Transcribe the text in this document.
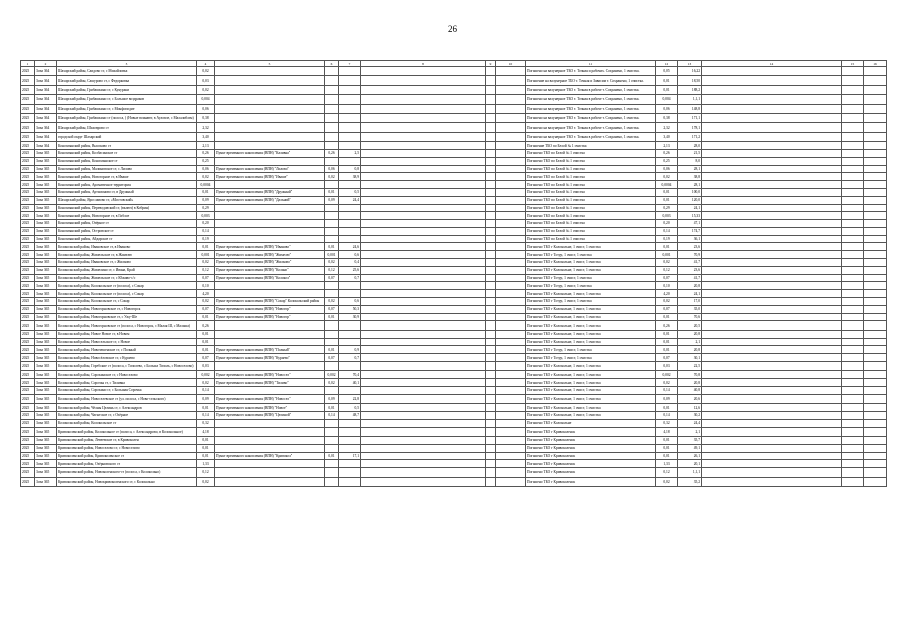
26
1	2	3	4	5	6	7	8	9	10	11	12	13	14	15	16
2025	3ona 364	Шахарский район, Саидово ст, с Михайловка	0,02							Погашено на валунерное ТБО т. Точная и рабочих. Сохранено, 1 очистка.	0,05	16,22			
2025	3ona 364	Шахарский район, Сашурово ст, с Федорковка	0,03							Погашение на валунерное ТБО т. Точная и Зависим т. Сохранено, 1 очистка.	0,01	18,50			
2025	3ona 364	Шахарский район, Грибашкино ст, с Кукураки	0,02							Погашено на валунерное ТБО т. Точная в рабоче т. Сохранено, 1 очистка.	0,01	188,2			
2025	3ona 364	Шахарский район, Грибашкино ст, с Большое воздраков	0,004							Погашено на валунерное ТБО т. Точная в рабоче т. Сохранено, 1 очистка.	0,004	1,1,1			
2025	3ona 364	Шахарский район, Грибашкино ст, с Монфоподие	0,06							Погашено на валунерное ТБО т. Точная в рабоче т. Сохранено, 1 очистка.	0,06	148,8			
2025	3ona 364	Шахарский район, Грибашкино ст (полоса, ) (Новые воинают, в Ауловле, с Малалиблен)	0,38							Погашено на валунерное ТБО т. Точная в рабоче т. Сохранено, 1 очистка.	0,38	171,1			
2025	3ona 364	Шахарский район, Шаховрово ст	2,32							Погашено на валунерное ТБО т. Точная в рабоче т. Сохранено, 1 очистка.	2,32	178,1			
2025	3ona 364	городской округ Шахарский	3,40							Погашено на валунерное ТБО т. Точная в рабоче т. Сохранено, 1 очистка.	3,40	171,2			
2025	3ona 364	Коноплянский район, Высоково ст	2,13							Погашение ТБО по Белой № 1 очистка	2,13	28,0			
2025	3ona 365	Коноплянский район, Колбасинское ст	0,26	Пункт временного накопления (ВПН) "Каливка"	0,26	2,5				Погашено ТБО по Белой № 1 очистка	0,26	21,5			
2025	3ona 365	Коноплянский район, Коноплянское ст	0,25							Погашено ТБО по Белой № 1 очистка	0,25	8,0			
2025	3ona 365	Коноплянский район, Малиновское ст, с Лилово	0,06	Пункт временного накопления (ВПН) "Лилово"	0,06	0,8				Погашено ТБО по Белой № 1 очистка	0,06	28,1			
2025	3ona 365	Коноплянский район, Новогорное ст, в Иваше	0,02	Пункт временного накопления (ВПН) "Иваше"	0,02	38,9				Погашено ТБО по Белой № 1 очистка	0,02	38,8			
2025	3ona 365	Коноплянский район, Ароматичное территория	0,0004							Погашено ТБО по Белой № 1 очистка	0,0004	28,1			
2025	3ona 365	Коноплянский район, Артамоново ст, в Дружный	0,01	Пункт временного накопления (ВПН) "Дружный"	0,01	0,5				Погашено ТБО по Белой № 1 очистка	0,01	100,0			
2025	3ona 365	Шахарский район, Ярославово ст, «Мостовский»	0,09	Пункт временного накопления (ВПН) "Дальний"	0,09	24,4				Погашено ТБО по Белой № 1 очистка	0,01	120,0			
2025	3ona 365	Коноплянский район, Переводовский ст, (включ) в Кобрин)	0,29							Погашено ТБО по Белой № 1 очистка	0,29	24,1			
2025	3ona 365	Коноплянский район, Новогорное ст, в Гиблое	0,003							Погашено ТБО по Белой № 1 очистка	0,003	15,33			
2025	3ona 365	Коноплянский район, Озёрное ст	0,20							Погашено ТБО по Белой № 1 очистка	0,20	47,1			
2025	3ona 365	Коноплянский район, Островское ст	0,14							Погашено ТБО по Белой № 1 очистка	0,14	174,7			
2025	3ona 365	Коноплянский район, Айдарское ст	0,19							Погашено ТБО по Белой № 1 очистка	0,19	36,1			
2025	3ona 365	Колокольский район, Ивановское ст, в Иваново	0,01	Пункт временного накопления (ВПН) "Иваново"	0,01	24,6				Погашено ТБО г Колокольне, 1 очист, 1 очистка	0,01	23,6			
2025	3ona 365	Колокольский район, Жимельское ст, в Жимелю	0,001	Пункт временного накопления (ВПН) "Жимелю"	0,001	0,6				Погашено ТБО г Тотур, 1 очист, 1 очистка	0,001	70,9			
2025	3ona 365	Колокольский район, Ивановское ст, с Жилково	0,02	Пункт временного накопления (ВПН) "Жилково"	0,02	0,4				Погашено ТБО г Колокольне, 1 очист, 1 очистка	0,02	41,7			
2025	3ona 365	Колокольский район, Жимелино ст, с Ивана, Край	0,12	Пункт временного накопления (ВПН) "Колано"	0,12	25,6				Погашено ТБО г Колокольне, 1 очист, 1 очистка	0,12	23,6			
2025	3ona 365	Колокольский район, Жимельское ст, с Юживо-с/с	0,07	Пункт временного накопления (ВПН) "Колокол"	0,07	0,7				Погашено ТБО г Тотур, 1 очист, 1 очистка	0,07	41,7			
2025	3ona 365	Колокольский район, Колокольское ст (полоса), с Сокар	0,10							Погашено ТБО г Тотур, 1 очист, 1 очистка	0,10	20,8			
2025	3ona 365	Колокольский район, Колокольское ст (полоса), с Сокар	4,20							Погашено ТБО г Колокольне, 1 очист, 1 очистка	4,20	24,1			
2025	3ona 365	Колокольский район, Колокольское ст, с Сокар	0,02	Пункт временного накопления (ВПН) "Сокар" Колокольский район	0,02	0,6				Погашено ТБО г Тотур, 1 очист, 1 очистка	0,02	17,0			
2025	3ona 365	Колокольский район, Новогорновское ст, с Новогорск	0,07	Пункт временного накопления (ВПН) "Новогор"	0,07	50,3				Погашено ТБО г Колокольне, 1 очист, 1 очистка	0,07	35,0			
2025	3ona 365	Колокольский район, Новогорновское ст, с Ужу-Ше	0,01	Пункт временного накопления (ВПН) "Новогор"	0,01	30,9				Погашено ТБО г Колокольне, 1 очист, 1 очистка	0,01	70,6			
2025	3ona 365	Колокольский район, Новогорновское ст (полоса, с Новогорск, с Малая Ш, с Малаша)	0,26							Погашено ТБО г Колокольне, 1 очист, 1 очистка	0,26	20,5			
2025	3ona 365	Колокольский район, Новое Новое ст, в Новом	0,01							Погашено ТБО г Колокольне, 1 очист, 1 очистка	0,01	20,8			
2025	3ona 365	Колокольский район, Новосельское ст, с Новое	0,01							Погашено ТБО г Колокольне, 1 очист, 1 очистка	0,01	2,1			
2025	3ona 365	Колокольский район, Новочешенское ст, с Полный	0,01	Пункт временного накопления (ВПН) "Полный"	0,01	0,9				Погашено ТБО г Тотур, 1 очист, 1 очистка	0,01	20,8			
2025	3ona 365	Колокольский район, Новосёловское ст, с Кураево	0,07	Пункт временного накопления (ВПН) "Кураево"	0,07	0,7				Погашено ТБО г Тотур, 1 очист, 1 очистка	0,07	30,1			
2025	3ona 365	Колокольский район, Горебские ст (полоса, с Тополево, с Больша Тополь, с Новоселово)	0,03							Погашено ТБО г Колокольне, 1 очист, 1 очистка	0,03	22,5			
2025	3ona 365	Колокольский район, Сорокинское ст, с Новоселово	0,002	Пункт временного накопления (ВПН) "Новосел"	0,002	70,4				Погашено ТБО г Колокольне, 1 очист, 1 очистка	0,002	70,8			
2025	3ona 365	Колокольский район, Сорочья ст, с Тиливка	0,02	Пункт временного накопления (ВПН) "Тиливо"	0,02	40,1				Погашено ТБО г Колокольне, 1 очист, 1 очистка	0,02	20,8			
2025	3ona 365	Колокольский район, Сорокино ст, с Большая Сорочка	0,14							Погашено ТБО г Колокольне, 1 очист, 1 очистка	0,14	40,8			
2025	3ona 365	Колокольский район, Новоселевское ст (ул. полоса, с Ново-сельского)	0,09	Пункт временного накопления (ВПН) "Новосел"	0,09	22,8				Погашено ТБО г Колокольне, 1 очист, 1 очистка	0,09	20,6			
2025	3ona 365	Колокольский район, Чёлны Целинь ст, с Александров	0,01	Пункт временного накопления (ВПН) "Новое"	0,01	0,5				Погашено ТБО г Колокольне, 1 очист, 1 очистка	0,01	12,6			
2025	3ona 365	Колокольский район, Чагытское ст, с Озёрное	0,14	Пункт временного накопления (ВПН) "Целиной"	0,14	48,7				Погашено ТБО г Колокольне, 1 очист, 1 очистка	0,14	30,2			
2025	3ona 365	Колокольский район, Колокольское ст	0,32							Погашено ТБО г Колокольне	0,32	24,4			
2025	3ona 365	Кривоколенский район, Колокольное ст (полоса, с Александрово, в Колокольное)	4,18							Погашено ТБО г Кривоколенск	4,18	2,1			
2025	3ona 365	Кривоколенский район, Левеевское ст, в Кривоколен	0,01							Погашено ТБО г Кривоколенск	0,01	35,7			
2025	3ona 365	Кривоколенский район, Новоселово ст, с Новоселово	0,01							Погашено ТБО г Кривоколенск	0,01	49,1			
2025	3ona 365	Кривоколенский район, Кривоколенское ст	0,01	Пункт временного накопления (ВПН) "Кривокол"	0,01	17,1				Погашено ТБО г Кривоколенск	0,01	26,1			
2025	3ona 365	Кривоколенский район, Озёрновского ст	1,33							Погашено ТБО г Кривоколенск	1,33	20,1			
2025	3ona 365	Кривоколенский район, Новоколенского-ст (полоса, с Колокольно)	0,12							Погашено ТБО г Кривоколенск	0,12	1,1,1			
2025	3ona 365	Кривоколенский район, Новокривоколенского ст, с Колокольно	0,02							Погашено ТБО г Кривоколенск	0,02	35,2			
